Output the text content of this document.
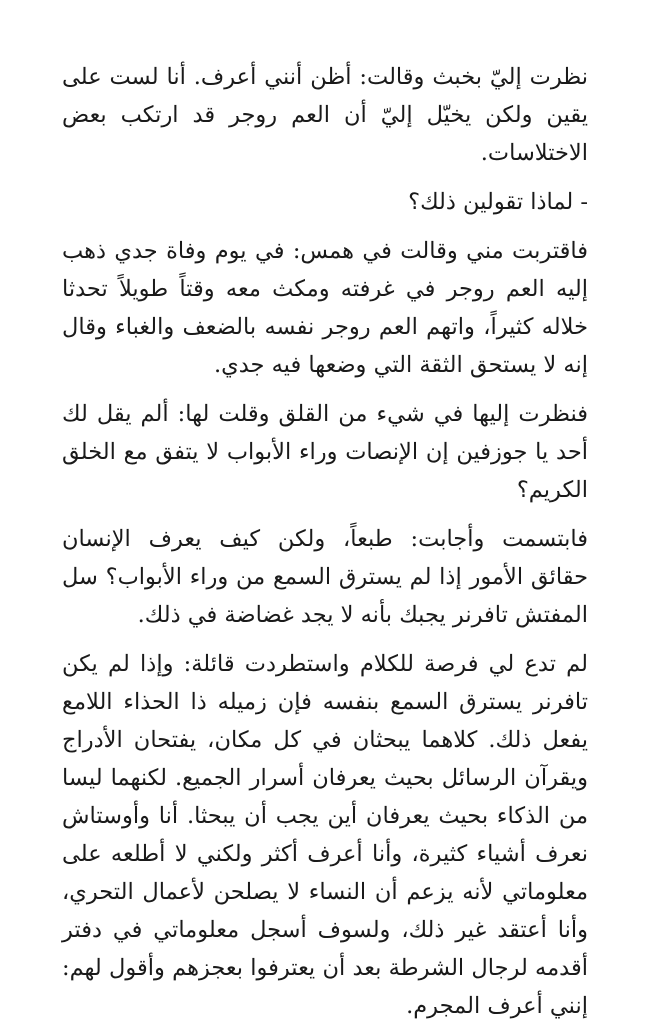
نظرت إليّ بخبث وقالت: أظن أنني أعرف. أنا لست على يقين ولكن يخيّل إليّ أن العم روجر قد ارتكب بعض الاختلاسات.

- لماذا تقولين ذلك؟

فاقتربت مني وقالت في همس: في يوم وفاة جدي ذهب إليه العم روجر في غرفته ومكث معه وقتاً طويلاً تحدثا خلاله كثيراً، واتهم العم روجر نفسه بالضعف والغباء وقال إنه لا يستحق الثقة التي وضعها فيه جدي.

فنظرت إليها في شيء من القلق وقلت لها: ألم يقل لك أحد يا جوزفين إن الإنصات وراء الأبواب لا يتفق مع الخلق الكريم؟

فابتسمت وأجابت: طبعاً، ولكن كيف يعرف الإنسان حقائق الأمور إذا لم يسترق السمع من وراء الأبواب؟ سل المفتش تافرنر يجبك بأنه لا يجد غضاضة في ذلك.

لم تدع لي فرصة للكلام واستطردت قائلة: وإذا لم يكن تافرنر يسترق السمع بنفسه فإن زميله ذا الحذاء اللامع يفعل ذلك. كلاهما يبحثان في كل مكان، يفتحان الأدراج ويقرآن الرسائل بحيث يعرفان أسرار الجميع. لكنهما ليسا من الذكاء بحيث يعرفان أين يجب أن يبحثا. أنا وأوستاش نعرف أشياء كثيرة، وأنا أعرف أكثر ولكني لا أطلعه على معلوماتي لأنه يزعم أن النساء لا يصلحن لأعمال التحري، وأنا أعتقد غير ذلك، ولسوف أسجل معلوماتي في دفتر أقدمه لرجال الشرطة بعد أن يعترفوا بعجزهم وأقول لهم: إنني أعرف المجرم.
